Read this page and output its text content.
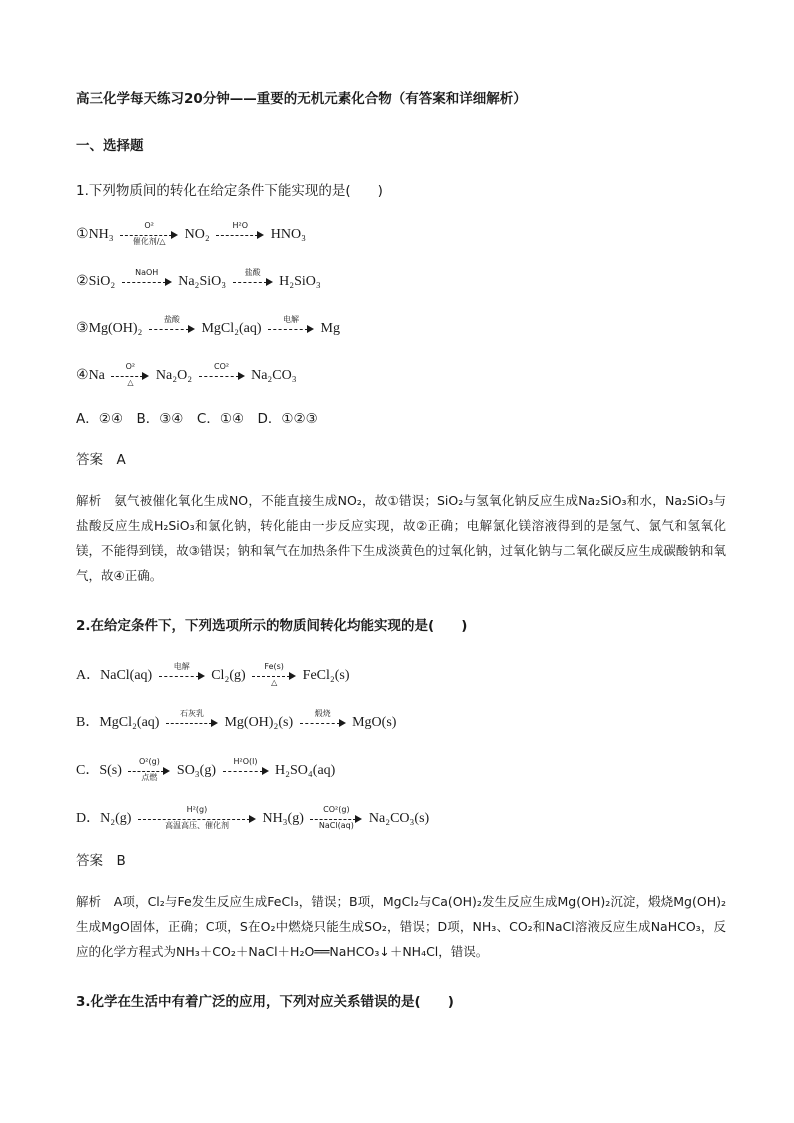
高三化学每天练习20分钟——重要的无机元素化合物（有答案和详细解析）
一、选择题
1.下列物质间的转化在给定条件下能实现的是(　　)
①NH₃
O²
催化剂/△	NO₂
H²O
HNO₃
②SiO₂
NaOH
Na₂SiO₃
盐酸
H₂SiO₃
③Mg(OH)₂
盐酸
MgCl₂(aq)
电解
Mg
④Na
O²
△	Na₂O₂
CO²
Na₂CO₃
A．②④　B．③④　C．①④　D．①②③
答案　A
解析　氨气被催化氧化生成NO，不能直接生成NO₂，故①错误；SiO₂与氢氧化钠反应生成Na₂SiO₃和水，Na₂SiO₃与盐酸反应生成H₂SiO₃和氯化钠，转化能由一步反应实现，故②正确；电解氯化镁溶液得到的是氢气、氯气和氢氧化镁，不能得到镁，故③错误；钠和氧气在加热条件下生成淡黄色的过氧化钠，过氧化钠与二氧化碳反应生成碳酸钠和氧气，故④正确。
2.在给定条件下，下列选项所示的物质间转化均能实现的是(　　)
A．NaCl(aq)
电解
Cl₂(g)
Fe(s)
△	FeCl₂(s)
B．MgCl₂(aq)
石灰乳
Mg(OH)₂(s)
煅烧
MgO(s)
C．S(s)
O²(g)
点燃	SO₃(g)
H²O(l)
H₂SO₄(aq)
D．N₂(g)
H²(g)
高温高压、催化剂	NH₃(g)
CO²(g)
NaCl(aq)	Na₂CO₃(s)
答案　B
解析　A项，Cl₂与Fe发生反应生成FeCl₃，错误；B项，MgCl₂与Ca(OH)₂发生反应生成Mg(OH)₂沉淀，煅烧Mg(OH)₂生成MgO固体，正确；C项，S在O₂中燃烧只能生成SO₂，错误；D项，NH₃、CO₂和NaCl溶液反应生成NaHCO₃，反应的化学方程式为NH₃＋CO₂＋NaCl＋H₂O══NaHCO₃↓＋NH₄Cl，错误。
3.化学在生活中有着广泛的应用，下列对应关系错误的是(　　)
